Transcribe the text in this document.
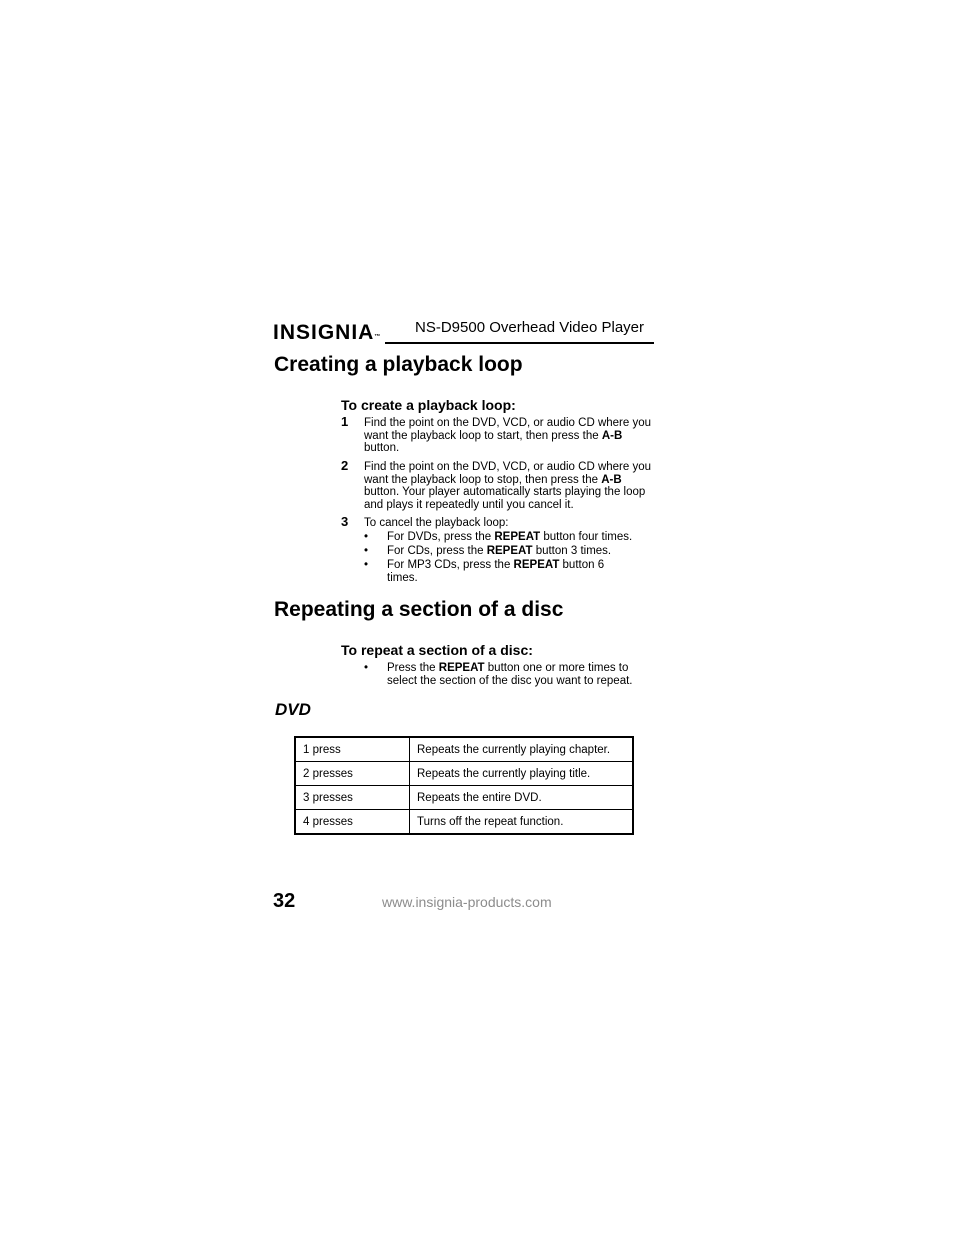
INSIGNIA™
NS-D9500 Overhead Video Player
Creating a playback loop
To create a playback loop:
1 Find the point on the DVD, VCD, or audio CD where you want the playback loop to start, then press the A-B button.
2 Find the point on the DVD, VCD, or audio CD where you want the playback loop to stop, then press the A-B button. Your player automatically starts playing the loop and plays it repeatedly until you cancel it.
3 To cancel the playback loop:
• For DVDs, press the REPEAT button four times.
• For CDs, press the REPEAT button 3 times.
• For MP3 CDs, press the REPEAT button 6 times.
Repeating a section of a disc
To repeat a section of a disc:
• Press the REPEAT button one or more times to select the section of the disc you want to repeat.
DVD
1 press	Repeats the currently playing chapter.
2 presses	Repeats the currently playing title.
3 presses	Repeats the entire DVD.
4 presses	Turns off the repeat function.
32	www.insignia-products.com
